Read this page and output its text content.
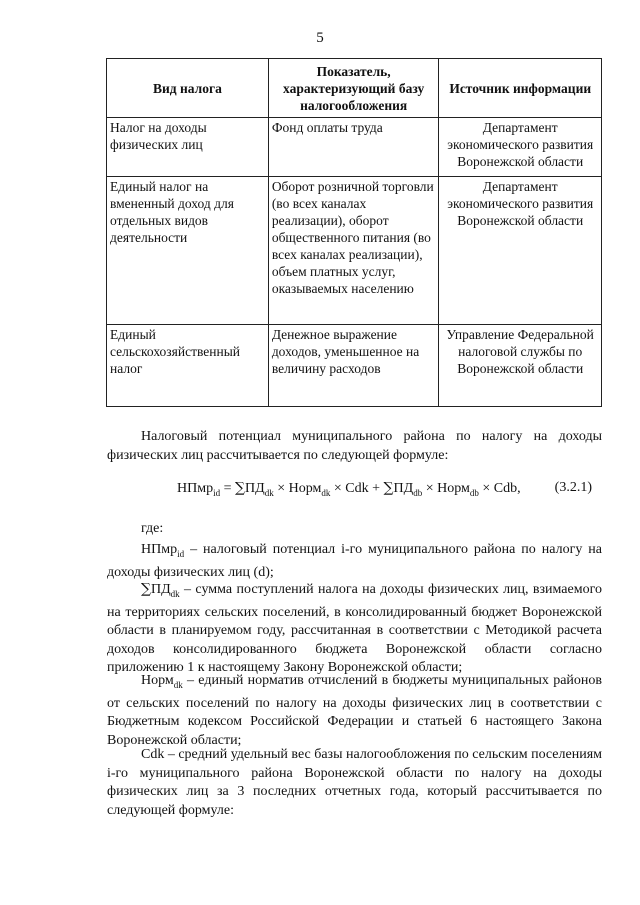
5
Вид налога	Показатель, характеризующий базу налогообложения	Источник информации
Налог на доходы физических лиц	Фонд оплаты труда	Департамент экономического развития Воронежской области
Единый налог на вмененный доход для отдельных видов деятельности	Оборот розничной торговли (во всех каналах реализации), оборот общественного питания (во всех каналах реализации), объем платных услуг, оказываемых населению	Департамент экономического развития Воронежской области
Единый сельскохозяйственный налог	Денежное выражение доходов, уменьшенное на величину расходов	Управление Федеральной налоговой службы по Воронежской области
Налоговый потенциал муниципального района по налогу на доходы физических лиц рассчитывается по следующей формуле:
НПмр$_{id}$ = $\sum ПД_{dk}$ × Норм$_{dk}$ × Cdk + $\sum ПД_{db}$ × Норм$_{db}$ × Cdb, (3.2.1)
где:
НПмр$_{id}$ – налоговый потенциал i-го муниципального района по налогу на доходы физических лиц (d);
$\sum ПД_{dk}$ – сумма поступлений налога на доходы физических лиц, взимаемого на территориях сельских поселений, в консолидированный бюджет Воронежской области в планируемом году, рассчитанная в соответствии с Методикой расчета доходов консолидированного бюджета Воронежской области согласно приложению 1 к настоящему Закону Воронежской области;
Норм$_{dk}$ – единый норматив отчислений в бюджеты муниципальных районов от сельских поселений по налогу на доходы физических лиц в соответствии с Бюджетным кодексом Российской Федерации и статьей 6 настоящего Закона Воронежской области;
Cdk – средний удельный вес базы налогообложения по сельским поселениям i-го муниципального района Воронежской области по налогу на доходы физических лиц за 3 последних отчетных года, который рассчитывается по следующей формуле:
